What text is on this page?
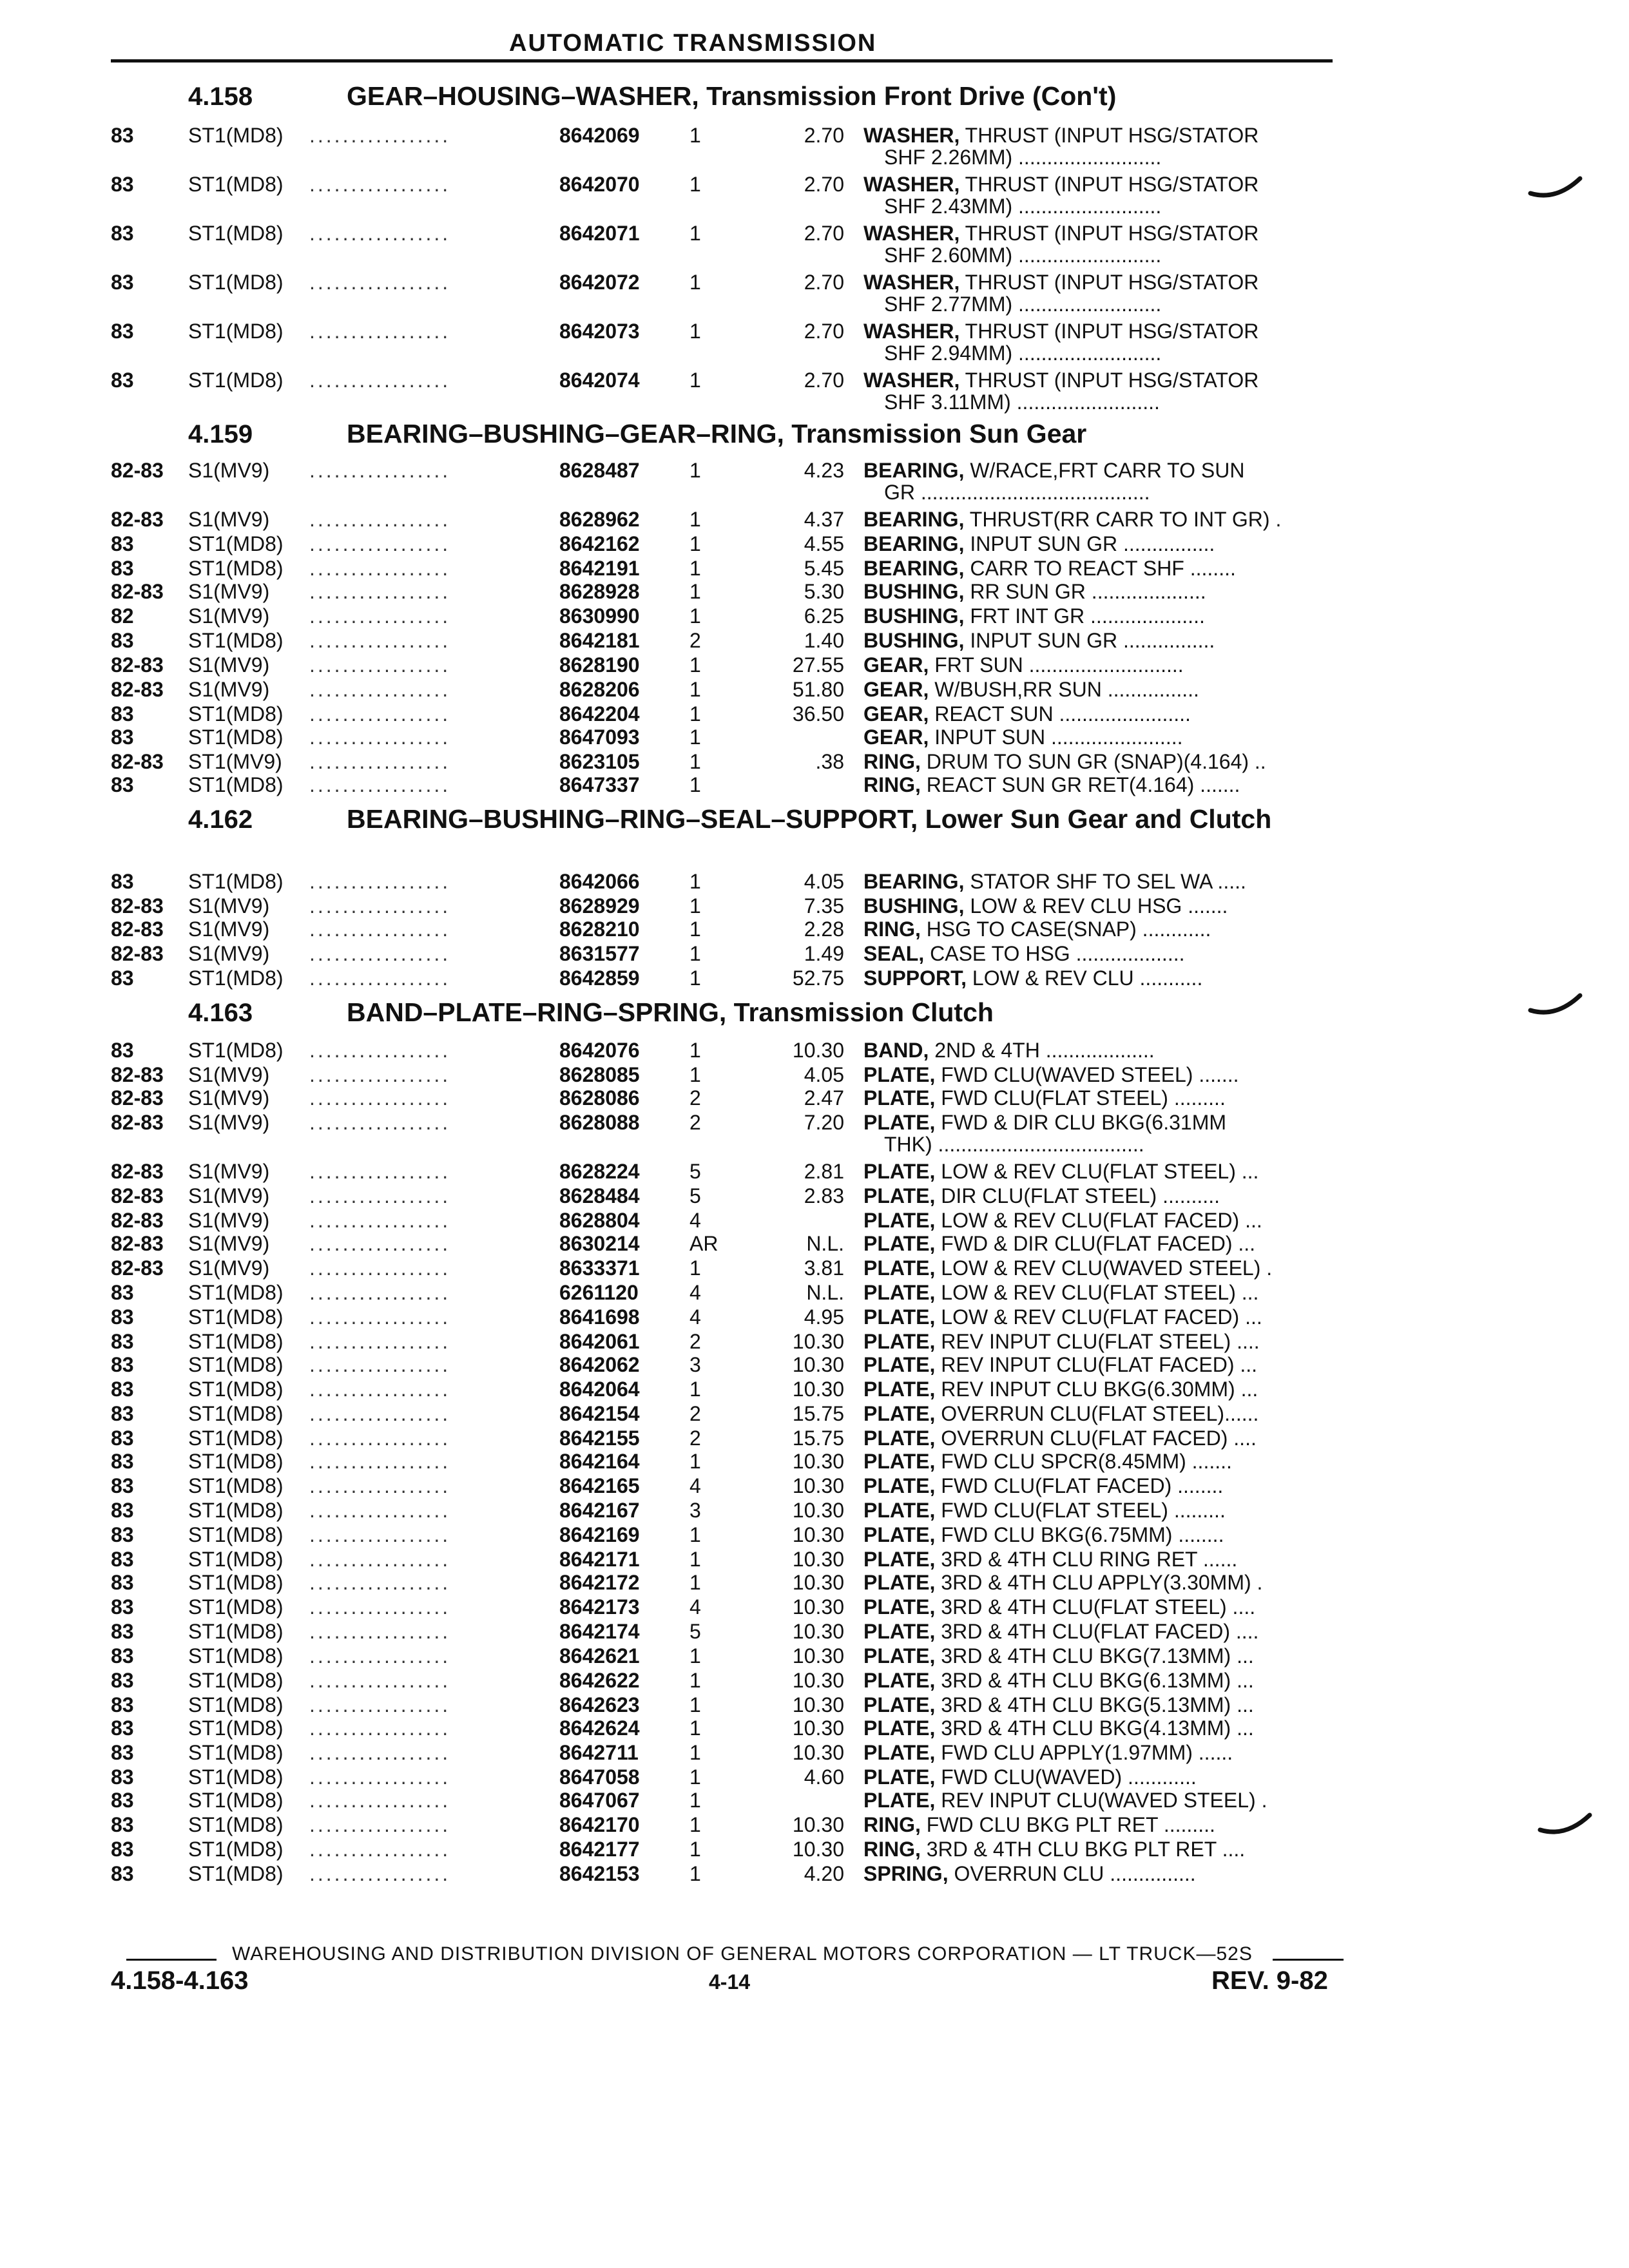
AUTOMATIC TRANSMISSION
4.158	GEAR–HOUSING–WASHER, Transmission Front Drive (Con't)
83	ST1(MD8) .................	8642069 1	2.70 WASHER, THRUST (INPUT HSG/STATOR
SHF 2.26MM) .........................
83	ST1(MD8) .................	8642070 1	2.70 WASHER, THRUST (INPUT HSG/STATOR
SHF 2.43MM) .........................
83	ST1(MD8) .................	8642071 1	2.70 WASHER, THRUST (INPUT HSG/STATOR
SHF 2.60MM) .........................
83	ST1(MD8) .................	8642072 1	2.70 WASHER, THRUST (INPUT HSG/STATOR
SHF 2.77MM) .........................
83	ST1(MD8) .................	8642073 1	2.70 WASHER, THRUST (INPUT HSG/STATOR
SHF 2.94MM) .........................
83	ST1(MD8) .................	8642074 1	2.70 WASHER, THRUST (INPUT HSG/STATOR
SHF 3.11MM) .........................
4.159	BEARING–BUSHING–GEAR–RING, Transmission Sun Gear
82-83 S1(MV9) .................	8628487 1	4.23 BEARING, W/RACE,FRT CARR TO SUN
GR ........................................
82-83 S1(MV9) .................	8628962 1	4.37 BEARING, THRUST(RR CARR TO INT GR) .
83	ST1(MD8) .................	8642162 1	4.55 BEARING, INPUT SUN GR ................
83	ST1(MD8) .................	8642191 1	5.45 BEARING, CARR TO REACT SHF ........
82-83 S1(MV9) .................	8628928 1	5.30 BUSHING, RR SUN GR ....................
82	S1(MV9) .................	8630990 1	6.25 BUSHING, FRT INT GR ....................
83	ST1(MD8) .................	8642181 2	1.40 BUSHING, INPUT SUN GR ................
82-83 S1(MV9) .................	8628190 1	27.55 GEAR, FRT SUN ...........................
82-83 S1(MV9) .................	8628206 1	51.80 GEAR, W/BUSH,RR SUN ................
83	ST1(MD8) .................	8642204 1	36.50 GEAR, REACT SUN .......................
83	ST1(MD8) .................	8647093 1	GEAR, INPUT SUN .......................
82-83 ST1(MV9) .................	8623105 1	.38 RING, DRUM TO SUN GR (SNAP)(4.164) ..
83	ST1(MD8) .................	8647337 1	RING, REACT SUN GR RET(4.164) .......
4.162	BEARING–BUSHING–RING–SEAL–SUPPORT, Lower Sun Gear and Clutch
83	ST1(MD8) .................	8642066 1	4.05 BEARING, STATOR SHF TO SEL WA .....
82-83 S1(MV9) .................	8628929 1	7.35 BUSHING, LOW & REV CLU HSG .......
82-83 S1(MV9) .................	8628210 1	2.28 RING, HSG TO CASE(SNAP) ............
82-83 S1(MV9) .................	8631577 1	1.49 SEAL, CASE TO HSG ...................
83	ST1(MD8) .................	8642859 1	52.75 SUPPORT, LOW & REV CLU ...........
4.163	BAND–PLATE–RING–SPRING, Transmission Clutch
83	ST1(MD8) .................	8642076 1	10.30 BAND, 2ND & 4TH ...................
82-83 S1(MV9) .................	8628085 1	4.05 PLATE, FWD CLU(WAVED STEEL) .......
82-83 S1(MV9) .................	8628086 2	2.47 PLATE, FWD CLU(FLAT STEEL) .........
82-83 S1(MV9) .................	8628088 2	7.20 PLATE, FWD & DIR CLU BKG(6.31MM
THK) ....................................
82-83 S1(MV9) .................	8628224 5	2.81 PLATE, LOW & REV CLU(FLAT STEEL) ...
82-83 S1(MV9) .................	8628484 5	2.83 PLATE, DIR CLU(FLAT STEEL) ..........
82-83 S1(MV9) .................	8628804 4	PLATE, LOW & REV CLU(FLAT FACED) ...
82-83 S1(MV9) .................	8630214 AR	N.L. PLATE, FWD & DIR CLU(FLAT FACED) ...
82-83 S1(MV9) .................	8633371 1	3.81 PLATE, LOW & REV CLU(WAVED STEEL) .
83	ST1(MD8) .................	6261120 4	N.L. PLATE, LOW & REV CLU(FLAT STEEL) ...
83	ST1(MD8) .................	8641698 4	4.95 PLATE, LOW & REV CLU(FLAT FACED) ...
83	ST1(MD8) .................	8642061 2	10.30 PLATE, REV INPUT CLU(FLAT STEEL) ....
83	ST1(MD8) .................	8642062 3	10.30 PLATE, REV INPUT CLU(FLAT FACED) ...
83	ST1(MD8) .................	8642064 1	10.30 PLATE, REV INPUT CLU BKG(6.30MM) ...
83	ST1(MD8) .................	8642154 2	15.75 PLATE, OVERRUN CLU(FLAT STEEL)......
83	ST1(MD8) .................	8642155 2	15.75 PLATE, OVERRUN CLU(FLAT FACED) ....
83	ST1(MD8) .................	8642164 1	10.30 PLATE, FWD CLU SPCR(8.45MM) .......
83	ST1(MD8) .................	8642165 4	10.30 PLATE, FWD CLU(FLAT FACED) ........
83	ST1(MD8) .................	8642167 3	10.30 PLATE, FWD CLU(FLAT STEEL) .........
83	ST1(MD8) .................	8642169 1	10.30 PLATE, FWD CLU BKG(6.75MM) ........
83	ST1(MD8) .................	8642171 1	10.30 PLATE, 3RD & 4TH CLU RING RET ......
83	ST1(MD8) .................	8642172 1	10.30 PLATE, 3RD & 4TH CLU APPLY(3.30MM) .
83	ST1(MD8) .................	8642173 4	10.30 PLATE, 3RD & 4TH CLU(FLAT STEEL) ....
83	ST1(MD8) .................	8642174 5	10.30 PLATE, 3RD & 4TH CLU(FLAT FACED) ....
83	ST1(MD8) .................	8642621 1	10.30 PLATE, 3RD & 4TH CLU BKG(7.13MM) ...
83	ST1(MD8) .................	8642622 1	10.30 PLATE, 3RD & 4TH CLU BKG(6.13MM) ...
83	ST1(MD8) .................	8642623 1	10.30 PLATE, 3RD & 4TH CLU BKG(5.13MM) ...
83	ST1(MD8) .................	8642624 1	10.30 PLATE, 3RD & 4TH CLU BKG(4.13MM) ...
83	ST1(MD8) .................	8642711 1	10.30 PLATE, FWD CLU APPLY(1.97MM) ......
83	ST1(MD8) .................	8647058 1	4.60 PLATE, FWD CLU(WAVED) ............
83	ST1(MD8) .................	8647067 1	PLATE, REV INPUT CLU(WAVED STEEL) .
83	ST1(MD8) .................	8642170 1	10.30 RING, FWD CLU BKG PLT RET .........
83	ST1(MD8) .................	8642177 1	10.30 RING, 3RD & 4TH CLU BKG PLT RET ....
83	ST1(MD8) .................	8642153 1	4.20 SPRING, OVERRUN CLU ...............
WAREHOUSING AND DISTRIBUTION DIVISION OF GENERAL MOTORS CORPORATION — LT TRUCK—52S
4.158-4.163	4-14	REV. 9-82
